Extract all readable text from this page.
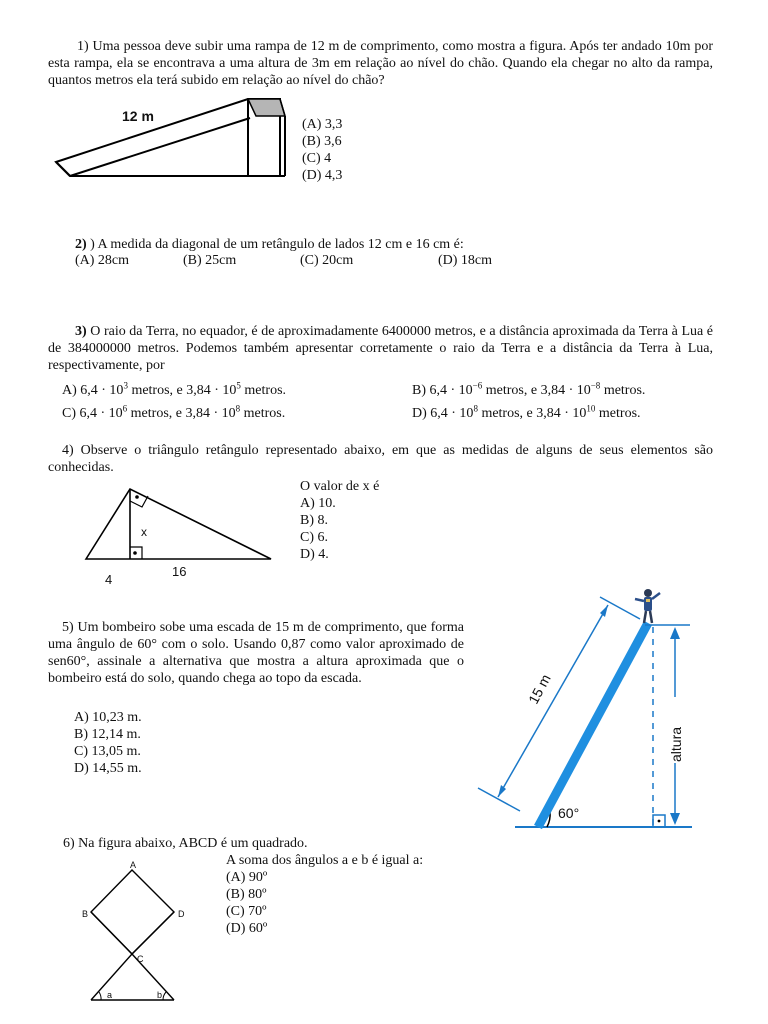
1) Uma pessoa deve subir uma rampa de 12 m de comprimento, como mostra a figura. Após ter andado 10m por esta rampa, ela se encontrava a uma altura de 3m em relação ao nível do chão. Quando ela chegar no alto da rampa, quantos metros ela terá subido em relação ao nível do chão?
12 m
(A) 3,3
(B) 3,6
(C) 4
(D) 4,3
2) ) A medida da diagonal de um retângulo de lados 12 cm e 16 cm é:
(A) 28cm	(B) 25cm	(C) 20cm	(D) 18cm
3) O raio da Terra, no equador, é de aproximadamente 6400000 metros, e a distância aproximada da Terra à Lua é de 384000000 metros. Podemos também apresentar corretamente o raio da Terra e a distância da Terra à Lua, respectivamente, por
A) $6,4 \cdot 10^3$ metros, e $3,84 \cdot 10^5$ metros.	B) $6,4 \cdot 10^{-6}$ metros, e $3,84 \cdot 10^{-8}$ metros.
C) $6,4 \cdot 10^6$ metros, e $3,84 \cdot 10^8$ metros.	D) $6,4 \cdot 10^8$ metros, e $3,84 \cdot 10^{10}$ metros.
4) Observe o triângulo retângulo representado abaixo, em que as medidas de alguns de seus elementos são conhecidas.
x
4
16
O valor de x é
A) 10.
B) 8.
C) 6.
D) 4.
5) Um bombeiro sobe uma escada de 15 m de comprimento, que forma uma ângulo de 60° com o solo. Usando 0,87 como valor aproximado de sen60°, assinale a alternativa que mostra a altura aproximada que o bombeiro está do solo, quando chega ao topo da escada.
A) 10,23 m.
B) 12,14 m.
C) 13,05 m.
D) 14,55 m.
15 m
altura
60°
6) Na figura abaixo, ABCD é um quadrado.
A soma dos ângulos a e b é igual a:
(A) 90º
(B) 80º
(C) 70º
(D) 60º
A
B	D
C
a	b
